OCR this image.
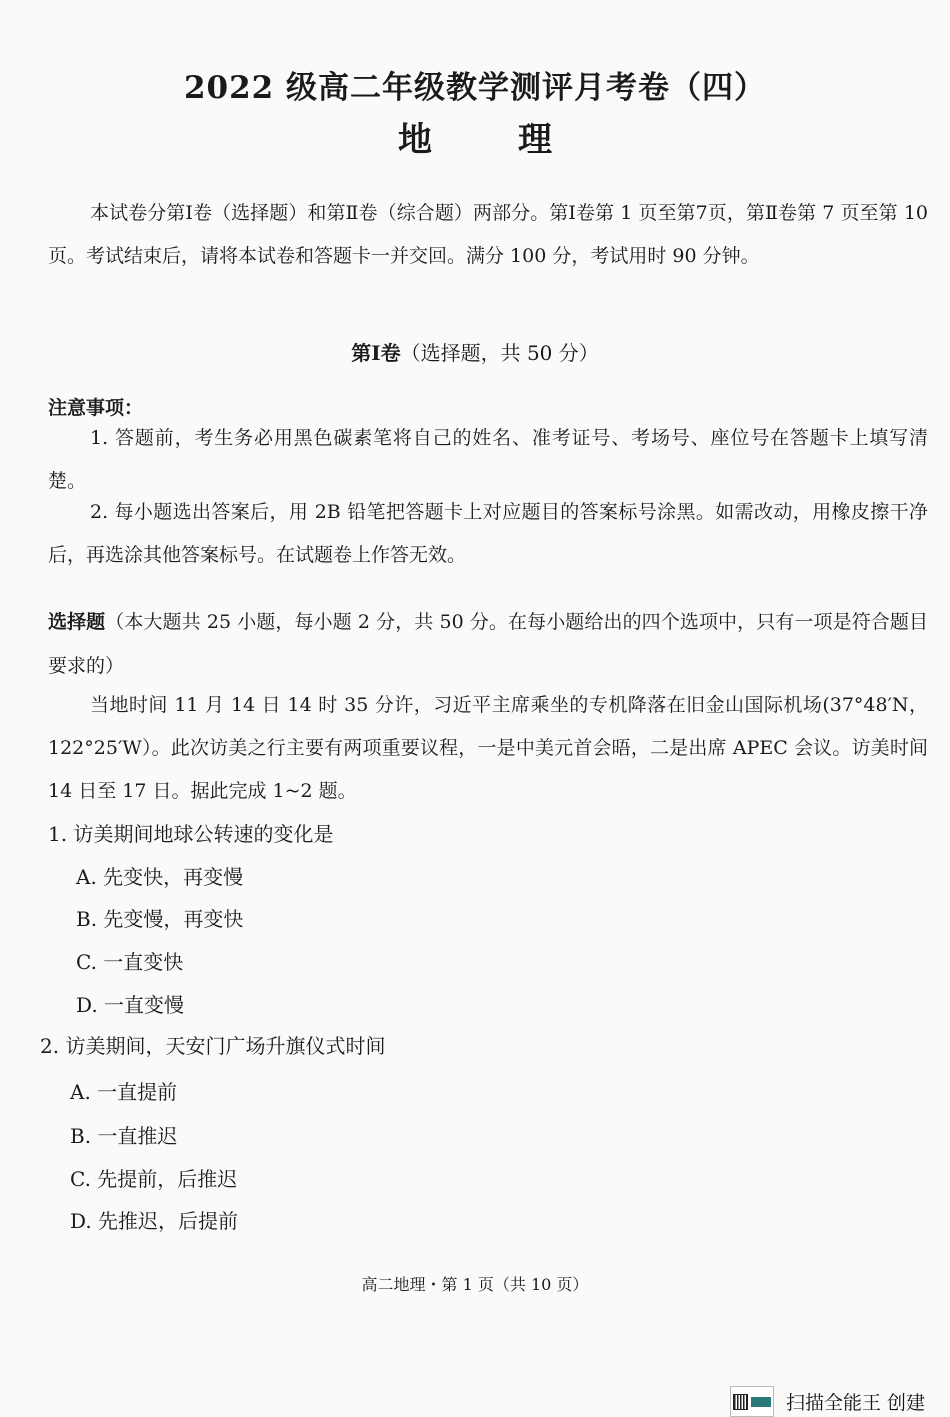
2022 级高二年级教学测评月考卷（四）
地　理
本试卷分第Ⅰ卷（选择题）和第Ⅱ卷（综合题）两部分。第Ⅰ卷第 1 页至第7页，第Ⅱ卷第 7 页至第 10 页。考试结束后，请将本试卷和答题卡一并交回。满分 100 分，考试用时 90 分钟。
第Ⅰ卷（选择题，共 50 分）
注意事项：
1. 答题前，考生务必用黑色碳素笔将自己的姓名、准考证号、考场号、座位号在答题卡上填写清楚。
2. 每小题选出答案后，用 2B 铅笔把答题卡上对应题目的答案标号涂黑。如需改动，用橡皮擦干净后，再选涂其他答案标号。在试题卷上作答无效。
选择题（本大题共 25 小题，每小题 2 分，共 50 分。在每小题给出的四个选项中，只有一项是符合题目要求的）
当地时间 11 月 14 日 14 时 35 分许，习近平主席乘坐的专机降落在旧金山国际机场(37°48′N，122°25′W）。此次访美之行主要有两项重要议程，一是中美元首会晤，二是出席 APEC 会议。访美时间 14 日至 17 日。据此完成 1~2 题。
1. 访美期间地球公转速的变化是
A. 先变快，再变慢
B. 先变慢，再变快
C. 一直变快
D. 一直变慢
2. 访美期间，天安门广场升旗仪式时间
A. 一直提前
B. 一直推迟
C. 先提前，后推迟
D. 先推迟，后提前
高二地理・第 1 页（共 10 页）
扫描全能王 创建
